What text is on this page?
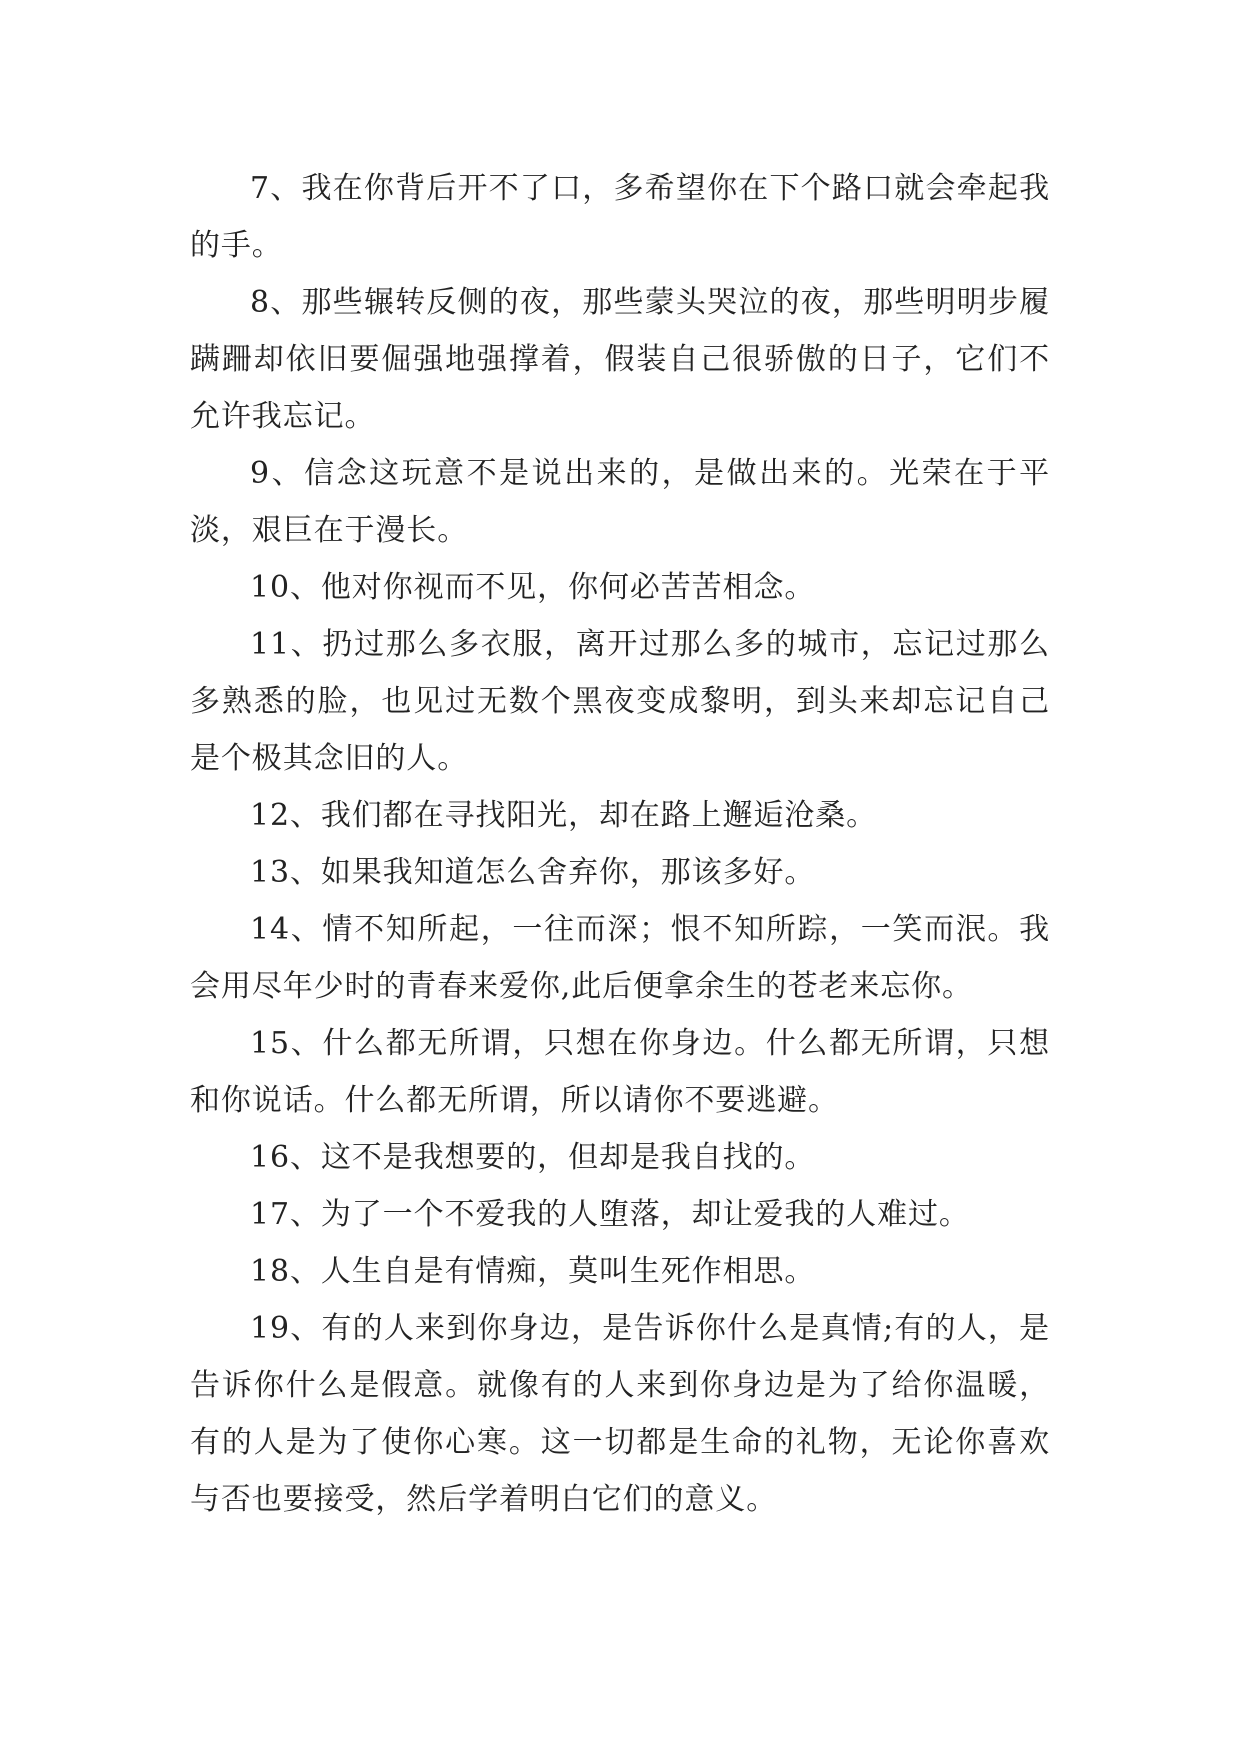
7、我在你背后开不了口，多希望你在下个路口就会牵起我的手。

8、那些辗转反侧的夜，那些蒙头哭泣的夜，那些明明步履蹒跚却依旧要倔强地强撑着，假装自己很骄傲的日子，它们不允许我忘记。

9、信念这玩意不是说出来的，是做出来的。光荣在于平淡，艰巨在于漫长。

10、他对你视而不见，你何必苦苦相念。

11、扔过那么多衣服，离开过那么多的城市，忘记过那么多熟悉的脸，也见过无数个黑夜变成黎明，到头来却忘记自己是个极其念旧的人。

12、我们都在寻找阳光，却在路上邂逅沧桑。

13、如果我知道怎么舍弃你，那该多好。

14、情不知所起，一往而深；恨不知所踪，一笑而泯。我会用尽年少时的青春来爱你,此后便拿余生的苍老来忘你。

15、什么都无所谓，只想在你身边。什么都无所谓，只想和你说话。什么都无所谓，所以请你不要逃避。

16、这不是我想要的，但却是我自找的。

17、为了一个不爱我的人堕落，却让爱我的人难过。

18、人生自是有情痴，莫叫生死作相思。

19、有的人来到你身边，是告诉你什么是真情;有的人，是告诉你什么是假意。就像有的人来到你身边是为了给你温暖，有的人是为了使你心寒。这一切都是生命的礼物，无论你喜欢与否也要接受，然后学着明白它们的意义。
